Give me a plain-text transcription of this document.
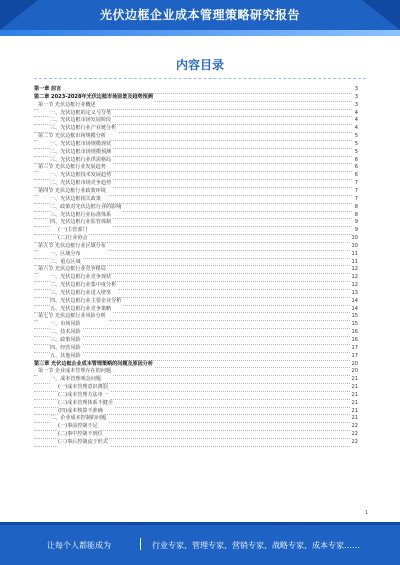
光伏边框企业成本管理策略研究报告
内容目录
第一章 前言	3
第二章 2023-2028年光伏边框市场前景及趋势预测	3
第一节 光伏边框行业概述	3
一、光伏边框的定义与分类	4
二、光伏边框市场发展阶段	4
三、光伏边框行业产业链分析	4
第二节 光伏边框市场规模分析	5
一、光伏边框市场规模现状	5
二、光伏边框市场规模预测	5
三、光伏边框行业供需格局	6
第三节 光伏边框行业发展趋势	6
一、光伏边框技术发展趋势	6
二、光伏边框市场竞争趋势	7
第四节 光伏边框行业政策环境	7
一、光伏边框相关政策	7
二、政策对光伏边框行业的影响	8
三、光伏边框行业标准体系	8
四、光伏边框行业监管体制	9
(一)主管部门	9
(二)行业协会	10
第五节 光伏边框行业区域分布	10
一、区域分布	11
二、重点区域	11
第六节 光伏边框行业竞争格局	12
一、光伏边框行业竞争现状	12
二、光伏边框行业集中度分析	12
三、光伏边框行业进入壁垒	13
四、光伏边框行业主要企业分析	14
五、光伏边框行业竞争策略	14
第七节 光伏边框行业风险分析	15
一、市场风险	15
二、技术风险	16
三、政策风险	16
四、经营风险	17
五、其他风险	17
第三章 光伏边框企业成本管理策略的问题及原因分析	20
第一节 企业成本管理存在的问题	20
一、成本管理观念问题	21
(一)成本管理意识薄弱	21
(二)成本管理方法单一	21
(三)成本管理体系不健全	21
(四)成本核算不准确	21
二、企业成本控制的问题	21
(一)事前控制不足	22
(二)事中控制不到位	22
(三)事后控制流于形式	22
1
让每个人都能成为	行业专家、管理专家、营销专家、战略专家、成本专家……
